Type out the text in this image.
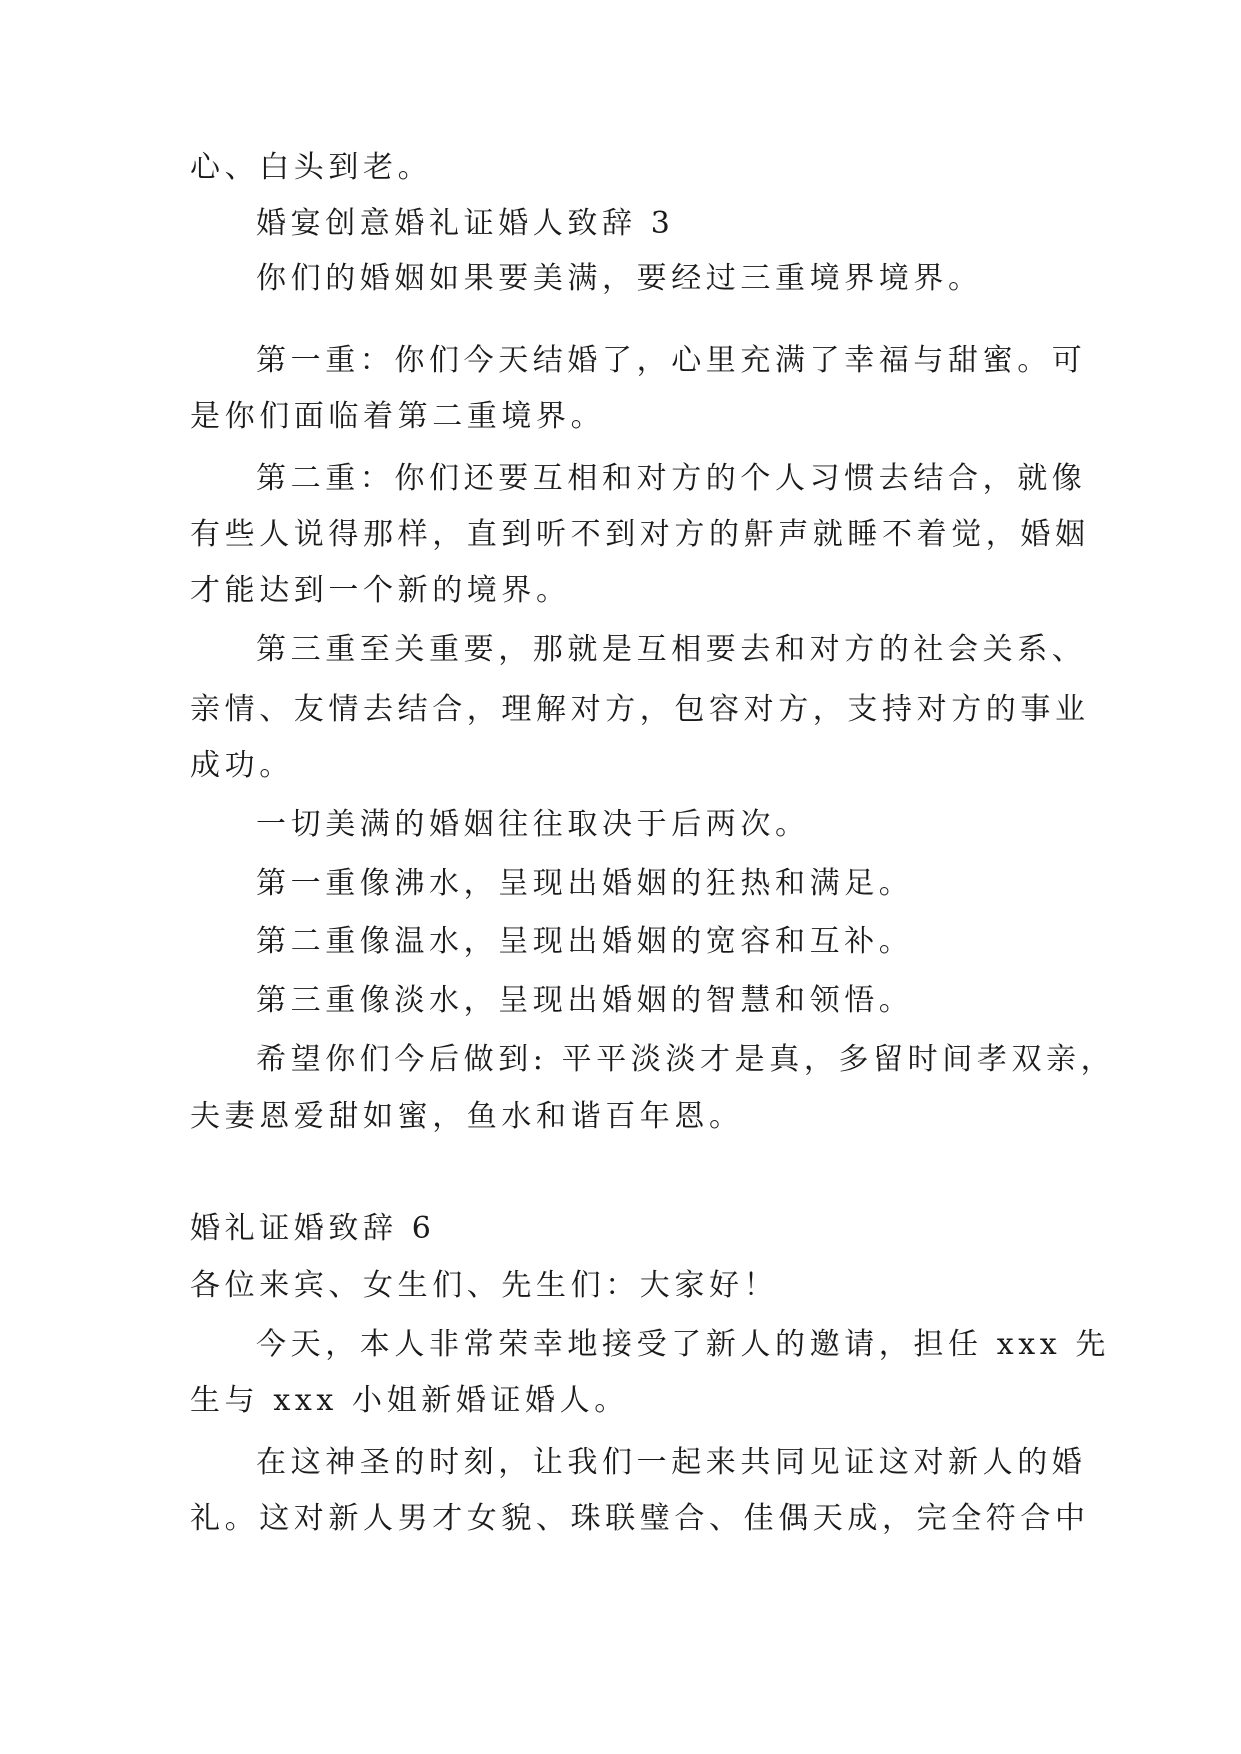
心、白头到老。
婚宴创意婚礼证婚人致辞 3
你们的婚姻如果要美满，要经过三重境界境界。
第一重：你们今天结婚了，心里充满了幸福与甜蜜。可
是你们面临着第二重境界。
第二重：你们还要互相和对方的个人习惯去结合，就像
有些人说得那样，直到听不到对方的鼾声就睡不着觉，婚姻
才能达到一个新的境界。
第三重至关重要，那就是互相要去和对方的社会关系、
亲情、友情去结合，理解对方，包容对方，支持对方的事业
成功。
一切美满的婚姻往往取决于后两次。
第一重像沸水，呈现出婚姻的狂热和满足。
第二重像温水，呈现出婚姻的宽容和互补。
第三重像淡水，呈现出婚姻的智慧和领悟。
希望你们今后做到: 平平淡淡才是真，多留时间孝双亲，
夫妻恩爱甜如蜜，鱼水和谐百年恩。
婚礼证婚致辞 6
各位来宾、女生们、先生们：大家好！
今天，本人非常荣幸地接受了新人的邀请，担任 xxx 先
生与 xxx 小姐新婚证婚人。
在这神圣的时刻，让我们一起来共同见证这对新人的婚
礼。这对新人男才女貌、珠联璧合、佳偶天成，完全符合中
